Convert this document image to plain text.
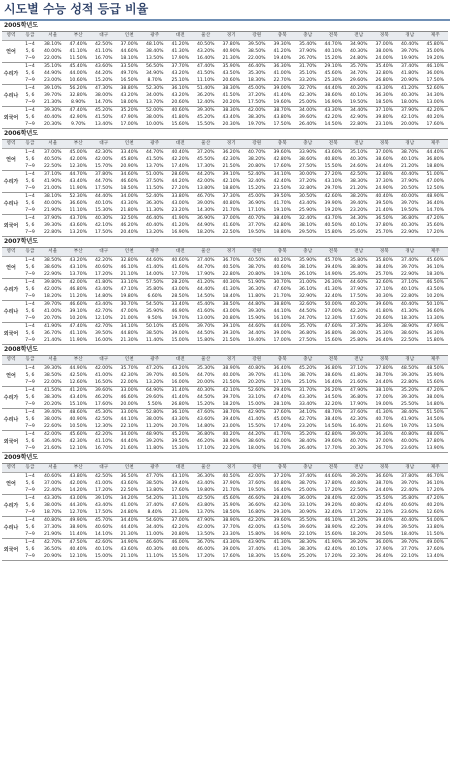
시도별 수능 성적 등급 비율
2005학년도
영역	등급	서울	부산	대구	인천	광주	대전	울산	경기	강원	충북	충남	전북	전남	경북	경남	제주
언어	1~4	38.10%	47.40%	42.50%	37.00%	48.10%	41.20%	40.50%	37.80%	39.50%	39.30%	35.40%	44.70%	34.90%	37.00%	40.40%	45.80%
	5, 6	40.00%	41.10%	41.10%	44.60%	38.40%	41.30%	43.20%	40.90%	38.50%	41.20%	37.90%	40.10%	40.30%	38.00%	39.70%	35.00%
	7~9	22.00%	11.50%	16.70%	18.10%	13.50%	17.90%	16.40%	21.30%	22.00%	19.40%	26.70%	15.20%	24.80%	24.00%	19.90%	19.20%
수리가	1~4	35.10%	45.40%	43.60%	33.50%	56.50%	37.70%	47.40%	35.90%	46.40%	36.30%	31.70%	29.10%	35.70%	35.40%	37.40%	46.10%
	5, 6	44.90%	44.00%	44.20%	49.70%	34.90%	43.20%	41.50%	43.50%	35.30%	41.00%	35.10%	45.60%	34.70%	32.80%	41.80%	36.00%
	7~9	23.00%	10.60%	15.20%	16.50%	8.70%	25.10%	11.10%	20.60%	18.30%	22.70%	33.20%	25.30%	29.60%	26.80%	20.90%	17.50%
수리나	1~4	39.10%	56.20%	47.30%	38.80%	52.30%	36.10%	51.40%	38.30%	45.00%	39.00%	32.70%	44.40%	40.20%	43.30%	41.20%	52.60%
	5, 6	39.70%	32.80%	38.00%	43.20%	34.00%	43.20%	36.20%	41.50%	37.20%	41.40%	42.30%	38.60%	40.10%	36.30%	40.30%	34.30%
	7~9	21.30%	8.90%	14.70%	18.00%	13.70%	20.60%	12.40%	20.20%	17.50%	19.60%	25.00%	16.90%	19.50%	18.50%	18.00%	13.00%
외국어	1~4	39.30%	47.40%	45.20%	35.20%	52.00%	40.60%	39.30%	38.30%	42.00%	38.70%	34.00%	43.30%	34.40%	37.10%	37.90%	42.20%
	5, 6	40.40%	42.90%	41.50%	47.90%	38.00%	41.80%	45.20%	43.40%	38.30%	43.80%	39.60%	42.20%	42.90%	39.80%	42.10%	40.20%
	7~9	20.30%	9.70%	13.40%	17.00%	10.00%	15.60%	15.50%	20.30%	19.70%	17.50%	26.40%	14.50%	22.80%	23.10%	20.00%	17.60%
2006학년도
영역	등급	서울	부산	대구	인천	광주	대전	울산	경기	강원	충북	충남	전북	전남	경북	경남	제주
언어	1~4	37.00%	45.00%	42.30%	33.40%	44.70%	40.40%	37.20%	36.20%	40.70%	39.60%	33.90%	43.60%	35.10%	37.00%	38.70%	44.40%
	5, 6	40.50%	42.00%	42.00%	45.80%	41.50%	42.20%	45.50%	42.30%	38.20%	42.80%	38.60%	40.80%	40.30%	38.60%	40.10%	36.80%
	7~9	22.50%	12.30%	15.70%	20.90%	13.70%	17.40%	17.30%	21.50%	20.80%	17.60%	27.50%	15.50%	24.60%	24.40%	21.20%	18.80%
수리가	1~4	37.10%	44.70%	37.80%	34.60%	51.00%	28.60%	44.20%	39.10%	52.40%	34.10%	30.00%	27.20%	42.50%	32.80%	40.40%	51.00%
	5, 6	41.90%	43.40%	44.70%	46.60%	37.50%	44.20%	42.00%	42.10%	32.40%	42.40%	37.20%	43.10%	38.30%	37.30%	37.90%	47.00%
	7~9	21.00%	11.90%	17.50%	18.50%	11.50%	27.20%	13.80%	18.80%	15.20%	23.50%	32.80%	29.70%	21.20%	24.90%	20.50%	12.50%
수리나	1~4	38.10%	52.30%	44.40%	34.00%	52.40%	33.80%	46.70%	37.30%	45.00%	39.50%	30.50%	42.60%	38.20%	40.40%	40.00%	48.90%
	5, 6	40.00%	36.60%	40.10%	43.30%	36.30%	43.00%	39.00%	40.80%	36.90%	41.70%	43.40%	39.90%	39.40%	39.50%	39.70%	36.40%
	7~9	21.90%	11.10%	15.30%	21.80%	11.30%	23.20%	14.30%	21.70%	17.10%	19.10%	25.90%	19.20%	23.20%	21.40%	19.50%	14.70%
외국어	1~4	37.90%	43.70%	40.30%	32.50%	46.40%	41.90%	36.90%	37.00%	40.70%	38.40%	32.40%	43.70%	34.30%	36.50%	36.80%	47.20%
	5, 6	39.30%	43.60%	42.10%	46.20%	40.40%	41.20%	44.90%	41.60%	37.70%	42.80%	38.10%	40.50%	40.10%	37.80%	40.30%	35.60%
	7~9	22.80%	13.20%	17.50%	20.40%	13.20%	16.90%	18.20%	22.50%	19.50%	18.80%	29.50%	15.80%	25.60%	25.70%	22.90%	17.20%
2007학년도
영역	등급	서울	부산	대구	인천	광주	대전	울산	경기	강원	충북	충남	전북	전남	경북	경남	제주
언어	1~4	38.50%	43.20%	42.20%	32.80%	44.60%	40.60%	37.40%	36.70%	40.50%	40.20%	35.90%	45.70%	35.80%	35.80%	37.40%	45.60%
	5, 6	38.60%	43.10%	40.60%	46.10%	41.40%	41.60%	44.70%	40.50%	38.70%	40.60%	38.10%	39.40%	38.80%	38.40%	39.70%	36.10%
	7~9	22.90%	13.70%	17.20%	21.10%	14.00%	17.70%	17.90%	22.80%	20.80%	19.10%	26.10%	14.90%	25.40%	25.70%	22.90%	18.30%
수리가	1~4	39.80%	42.00%	41.80%	33.10%	57.50%	28.20%	41.20%	40.30%	51.90%	30.70%	31.00%	26.30%	44.60%	32.60%	37.10%	46.50%
	5, 6	42.00%	46.80%	43.40%	47.10%	35.80%	43.00%	44.40%	41.30%	36.30%	47.60%	36.10%	41.30%	37.90%	37.10%	40.10%	43.50%
	7~9	18.20%	11.20%	14.80%	19.80%	6.60%	28.50%	14.50%	18.40%	11.80%	21.70%	32.90%	32.40%	17.50%	30.30%	22.80%	10.20%
수리나	1~4	39.70%	46.60%	43.40%	30.70%	54.50%	33.40%	45.40%	38.50%	44.80%	38.80%	32.60%	50.00%	40.20%	39.60%	40.40%	50.10%
	5, 6	41.00%	39.10%	42.70%	47.00%	35.90%	46.90%	41.60%	43.00%	39.30%	44.10%	44.50%	37.00%	42.20%	41.80%	41.30%	36.60%
	7~9	20.70%	10.20%	12.10%	21.00%	9.50%	19.70%	13.00%	20.80%	15.90%	16.10%	24.70%	12.30%	17.60%	20.60%	18.30%	13.30%
외국어	1~4	41.90%	47.40%	42.70%	34.10%	50.10%	45.00%	39.70%	39.10%	44.60%	44.00%	35.70%	47.60%	37.30%	36.30%	38.90%	47.90%
	5, 6	36.70%	41.10%	39.50%	44.80%	38.50%	39.00%	44.50%	39.30%	34.40%	39.00%	36.80%	36.80%	38.00%	35.30%	38.60%	36.30%
	7~9	21.40%	11.90%	16.00%	21.30%	11.40%	15.00%	15.80%	21.50%	19.40%	17.00%	27.50%	15.60%	25.80%	26.40%	22.50%	15.80%
2008학년도
영역	등급	서울	부산	대구	인천	광주	대전	울산	경기	강원	충북	충남	전북	전남	경북	경남	제주
언어	1~4	39.30%	44.90%	42.00%	35.70%	47.20%	43.20%	35.30%	38.90%	40.80%	36.40%	45.20%	36.80%	37.10%	37.80%	48.50%	48.50%
	5, 6	38.50%	42.50%	41.00%	42.30%	39.70%	40.50%	44.70%	40.00%	39.70%	41.10%	38.70%	38.60%	41.80%	38.70%	39.30%	35.90%
	7~9	22.00%	12.60%	16.50%	22.00%	13.20%	16.00%	20.00%	21.50%	20.20%	17.10%	25.10%	16.40%	21.60%	24.40%	22.80%	15.60%
수리가	1~4	41.50%	41.20%	39.60%	33.00%	64.90%	31.40%	40.30%	42.10%	52.60%	29.40%	31.70%	26.20%	47.90%	38.10%	35.20%	47.20%
	5, 6	38.30%	43.40%	46.20%	46.60%	29.60%	41.40%	44.50%	39.70%	33.10%	47.40%	43.30%	34.50%	36.80%	37.00%	39.30%	38.00%
	7~9	20.20%	15.10%	17.60%	20.00%	5.50%	26.80%	15.20%	18.20%	15.00%	28.10%	33.40%	32.20%	17.90%	19.00%	25.50%	14.80%
수리나	1~4	39.40%	48.60%	45.30%	33.00%	52.80%	36.10%	47.60%	38.70%	42.90%	37.60%	34.10%	48.70%	37.60%	41.30%	38.40%	51.50%
	5, 6	38.00%	40.90%	42.50%	44.10%	38.00%	43.30%	43.60%	39.40%	41.40%	45.00%	42.70%	38.40%	42.30%	40.70%	41.90%	34.50%
	7~9	22.60%	10.50%	12.30%	22.10%	11.20%	20.70%	14.80%	23.00%	15.50%	17.40%	23.20%	14.50%	16.40%	21.60%	19.70%	13.50%
외국어	1~4	42.00%	45.60%	42.20%	34.00%	48.90%	45.20%	36.80%	40.20%	44.20%	41.70%	35.20%	42.80%	39.00%	36.30%	40.80%	48.00%
	5, 6	36.40%	42.30%	41.10%	44.40%	39.20%	39.50%	46.20%	38.90%	38.60%	42.00%	38.40%	39.60%	40.70%	37.00%	40.00%	37.80%
	7~9	21.60%	12.10%	16.70%	21.60%	11.80%	15.30%	17.10%	22.20%	18.00%	16.70%	26.40%	17.70%	20.30%	26.70%	23.60%	13.90%
2009학년도
영역	등급	서울	부산	대구	인천	광주	대전	울산	경기	강원	충북	충남	전북	전남	경북	경남	제주
언어	1~4	40.60%	43.80%	42.50%	36.50%	47.70%	43.10%	36.30%	40.50%	42.00%	37.20%	37.40%	44.60%	39.20%	36.60%	37.80%	46.70%
	5, 6	37.00%	42.00%	41.00%	43.60%	38.50%	39.40%	43.40%	37.90%	37.60%	40.80%	38.70%	37.80%	40.80%	38.70%	39.70%	36.10%
	7~9	22.40%	14.20%	17.20%	22.50%	13.80%	17.60%	19.80%	21.70%	19.50%	16.40%	25.00%	17.20%	22.50%	24.40%	22.40%	17.20%
수리가	1~4	43.30%	43.00%	39.10%	34.20%	54.20%	31.10%	42.50%	45.60%	46.60%	28.40%	36.00%	28.40%	42.00%	35.50%	35.80%	47.20%
	5, 6	38.00%	44.30%	43.40%	41.00%	37.40%	47.60%	43.80%	35.90%	36.60%	42.30%	33.10%	39.20%	40.80%	42.40%	40.60%	40.20%
	7~9	18.70%	12.70%	17.50%	24.80%	8.40%	21.30%	13.70%	18.50%	16.80%	29.30%	30.90%	32.40%	17.20%	22.10%	23.60%	12.60%
수리나	1~4	40.80%	49.90%	45.70%	34.40%	54.60%	37.00%	47.90%	38.90%	42.20%	39.60%	35.50%	46.10%	41.20%	39.40%	40.40%	54.00%
	5, 6	37.30%	38.90%	40.60%	44.40%	34.40%	42.20%	42.00%	37.70%	42.00%	43.50%	39.60%	38.90%	42.20%	39.40%	39.50%	33.80%
	7~9	21.90%	11.40%	14.10%	21.30%	11.00%	20.80%	13.50%	23.30%	15.80%	16.90%	22.10%	15.60%	18.20%	20.50%	18.40%	11.50%
외국어	1~4	42.70%	47.50%	42.60%	34.90%	46.60%	46.00%	36.70%	43.30%	43.90%	41.30%	38.30%	41.90%	39.20%	36.00%	39.70%	49.00%
	5, 6	36.50%	40.40%	40.10%	43.60%	40.30%	40.00%	46.00%	39.00%	37.40%	41.30%	38.30%	42.40%	40.10%	37.90%	37.70%	37.60%
	7~9	20.90%	12.10%	15.00%	21.10%	11.10%	15.50%	17.20%	17.60%	18.30%	15.60%	25.20%	17.20%	22.30%	26.40%	22.10%	13.40%
